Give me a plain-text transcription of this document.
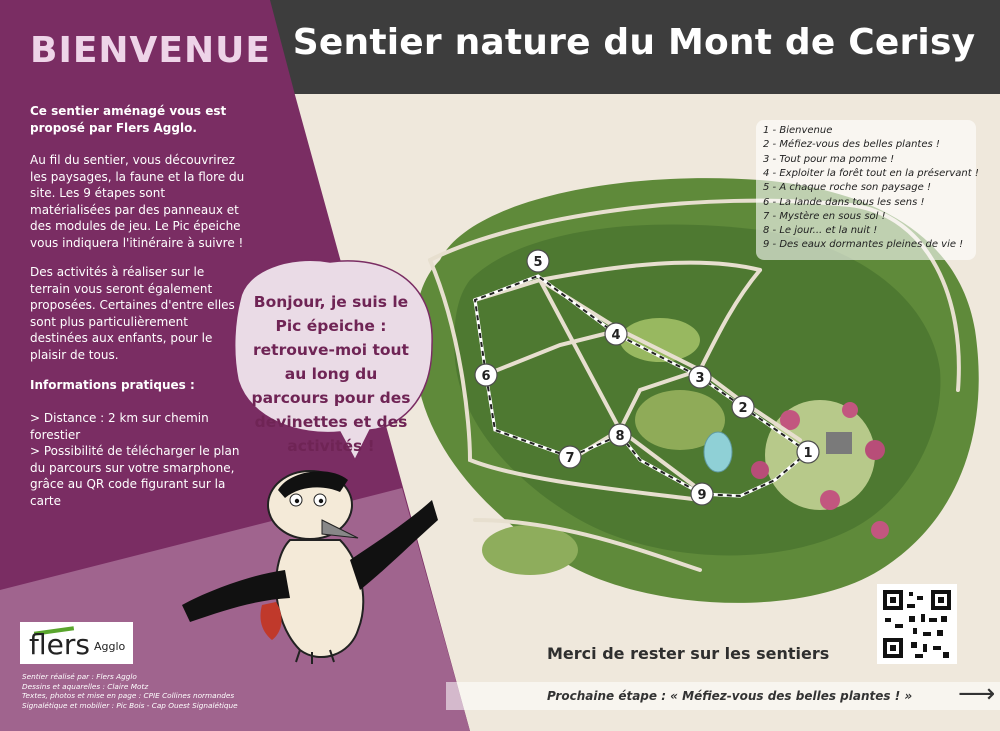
1
2
3
4
5
6
7
8
9
Sentier nature du Mont de Cerisy
BIENVENUE
Ce sentier aménagé vous est proposé par Flers Agglo.
Au fil du sentier, vous découvrirez les paysages, la faune et la flore du site. Les 9 étapes sont matérialisées par des panneaux et des modules de jeu. Le Pic épeiche vous indiquera l'itinéraire à suivre !
Des activités à réaliser sur le terrain vous seront également proposées. Certaines d'entre elles sont plus particulièrement destinées aux enfants, pour le plaisir de tous.
Informations pratiques :
> Distance : 2 km sur chemin forestier
> Possibilité de télécharger le plan du parcours sur votre smarphone, grâce au QR code figurant sur la carte
Bonjour, je suis le Pic épeiche : retrouve-moi tout au long du parcours pour des devinettes et des activités !
1 - Bienvenue
2 - Méfiez-vous des belles plantes !
3 - Tout pour ma pomme !
4 - Exploiter la forêt tout en la préservant !
5 - A chaque roche son paysage !
6 - La lande dans tous les sens !
7 - Mystère en sous sol !
8 - Le jour... et la nuit !
9 - Des eaux dormantes pleines de vie !
Merci de rester sur les sentiers
Prochaine étape : « Méfiez-vous des belles plantes ! » ⟶
flers Agglo
Sentier réalisé par : Flers Agglo
Dessins et aquarelles : Claire Motz
Textes, photos et mise en page : CPIE Collines normandes
Signalétique et mobilier : Pic Bois - Cap Ouest Signalétique
